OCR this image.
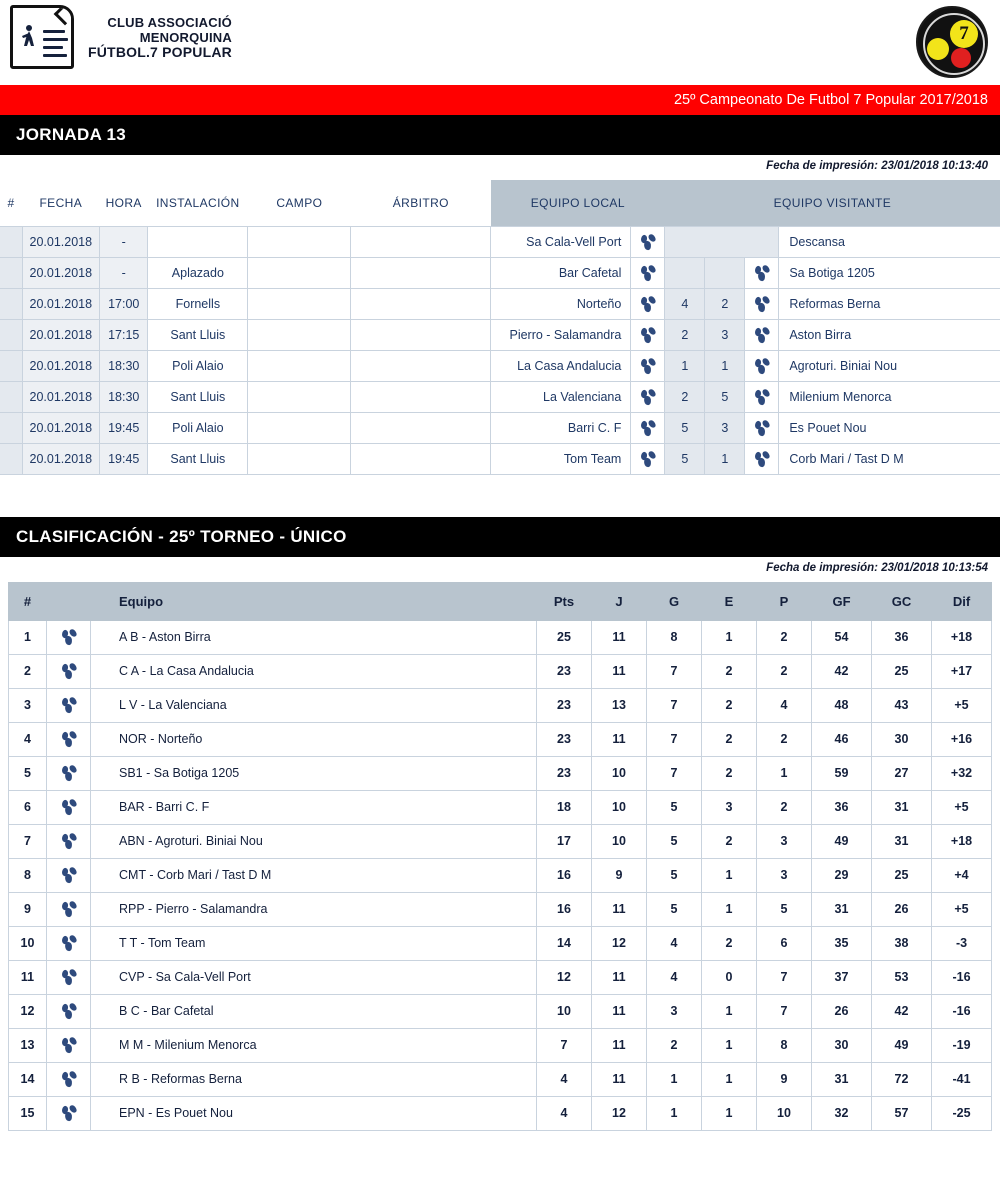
CLUB ASSOCIACIÓ
MENORQUINA
FÚTBOL.7 POPULAR
7
25º Campeonato De Futbol 7 Popular 2017/2018
JORNADA 13
Fecha de impresión: 23/01/2018 10:13:40
#	FECHA	HORA	INSTALACIÓN	CAMPO	ÁRBITRO	EQUIPO LOCAL		EQUIPO VISITANTE			
	20.01.2018	-				Sa Cala-Vell Port					Descansa
	20.01.2018	-	Aplazado			Bar Cafetal					Sa Botiga 1205
	20.01.2018	17:00	Fornells			Norteño		4	2		Reformas Berna
	20.01.2018	17:15	Sant Lluis			Pierro - Salamandra		2	3		Aston Birra
	20.01.2018	18:30	Poli Alaio			La Casa Andalucia		1	1		Agroturi. Biniai Nou
	20.01.2018	18:30	Sant Lluis			La Valenciana		2	5		Milenium Menorca
	20.01.2018	19:45	Poli Alaio			Barri C. F		5	3		Es Pouet Nou
	20.01.2018	19:45	Sant Lluis			Tom Team		5	1		Corb Mari / Tast D M
CLASIFICACIÓN - 25º TORNEO - ÚNICO
Fecha de impresión: 23/01/2018 10:13:54
#		Equipo	Pts	J	G	E	P	GF	GC	Dif
1		A B - Aston Birra	25	11	8	1	2	54	36	+18
2		C A - La Casa Andalucia	23	11	7	2	2	42	25	+17
3		L V - La Valenciana	23	13	7	2	4	48	43	+5
4		NOR - Norteño	23	11	7	2	2	46	30	+16
5		SB1 - Sa Botiga 1205	23	10	7	2	1	59	27	+32
6		BAR - Barri C. F	18	10	5	3	2	36	31	+5
7		ABN - Agroturi. Biniai Nou	17	10	5	2	3	49	31	+18
8		CMT - Corb Mari / Tast D M	16	9	5	1	3	29	25	+4
9		RPP - Pierro - Salamandra	16	11	5	1	5	31	26	+5
10		T T - Tom Team	14	12	4	2	6	35	38	-3
11		CVP - Sa Cala-Vell Port	12	11	4	0	7	37	53	-16
12		B C - Bar Cafetal	10	11	3	1	7	26	42	-16
13		M M - Milenium Menorca	7	11	2	1	8	30	49	-19
14		R B - Reformas Berna	4	11	1	1	9	31	72	-41
15		EPN - Es Pouet Nou	4	12	1	1	10	32	57	-25
